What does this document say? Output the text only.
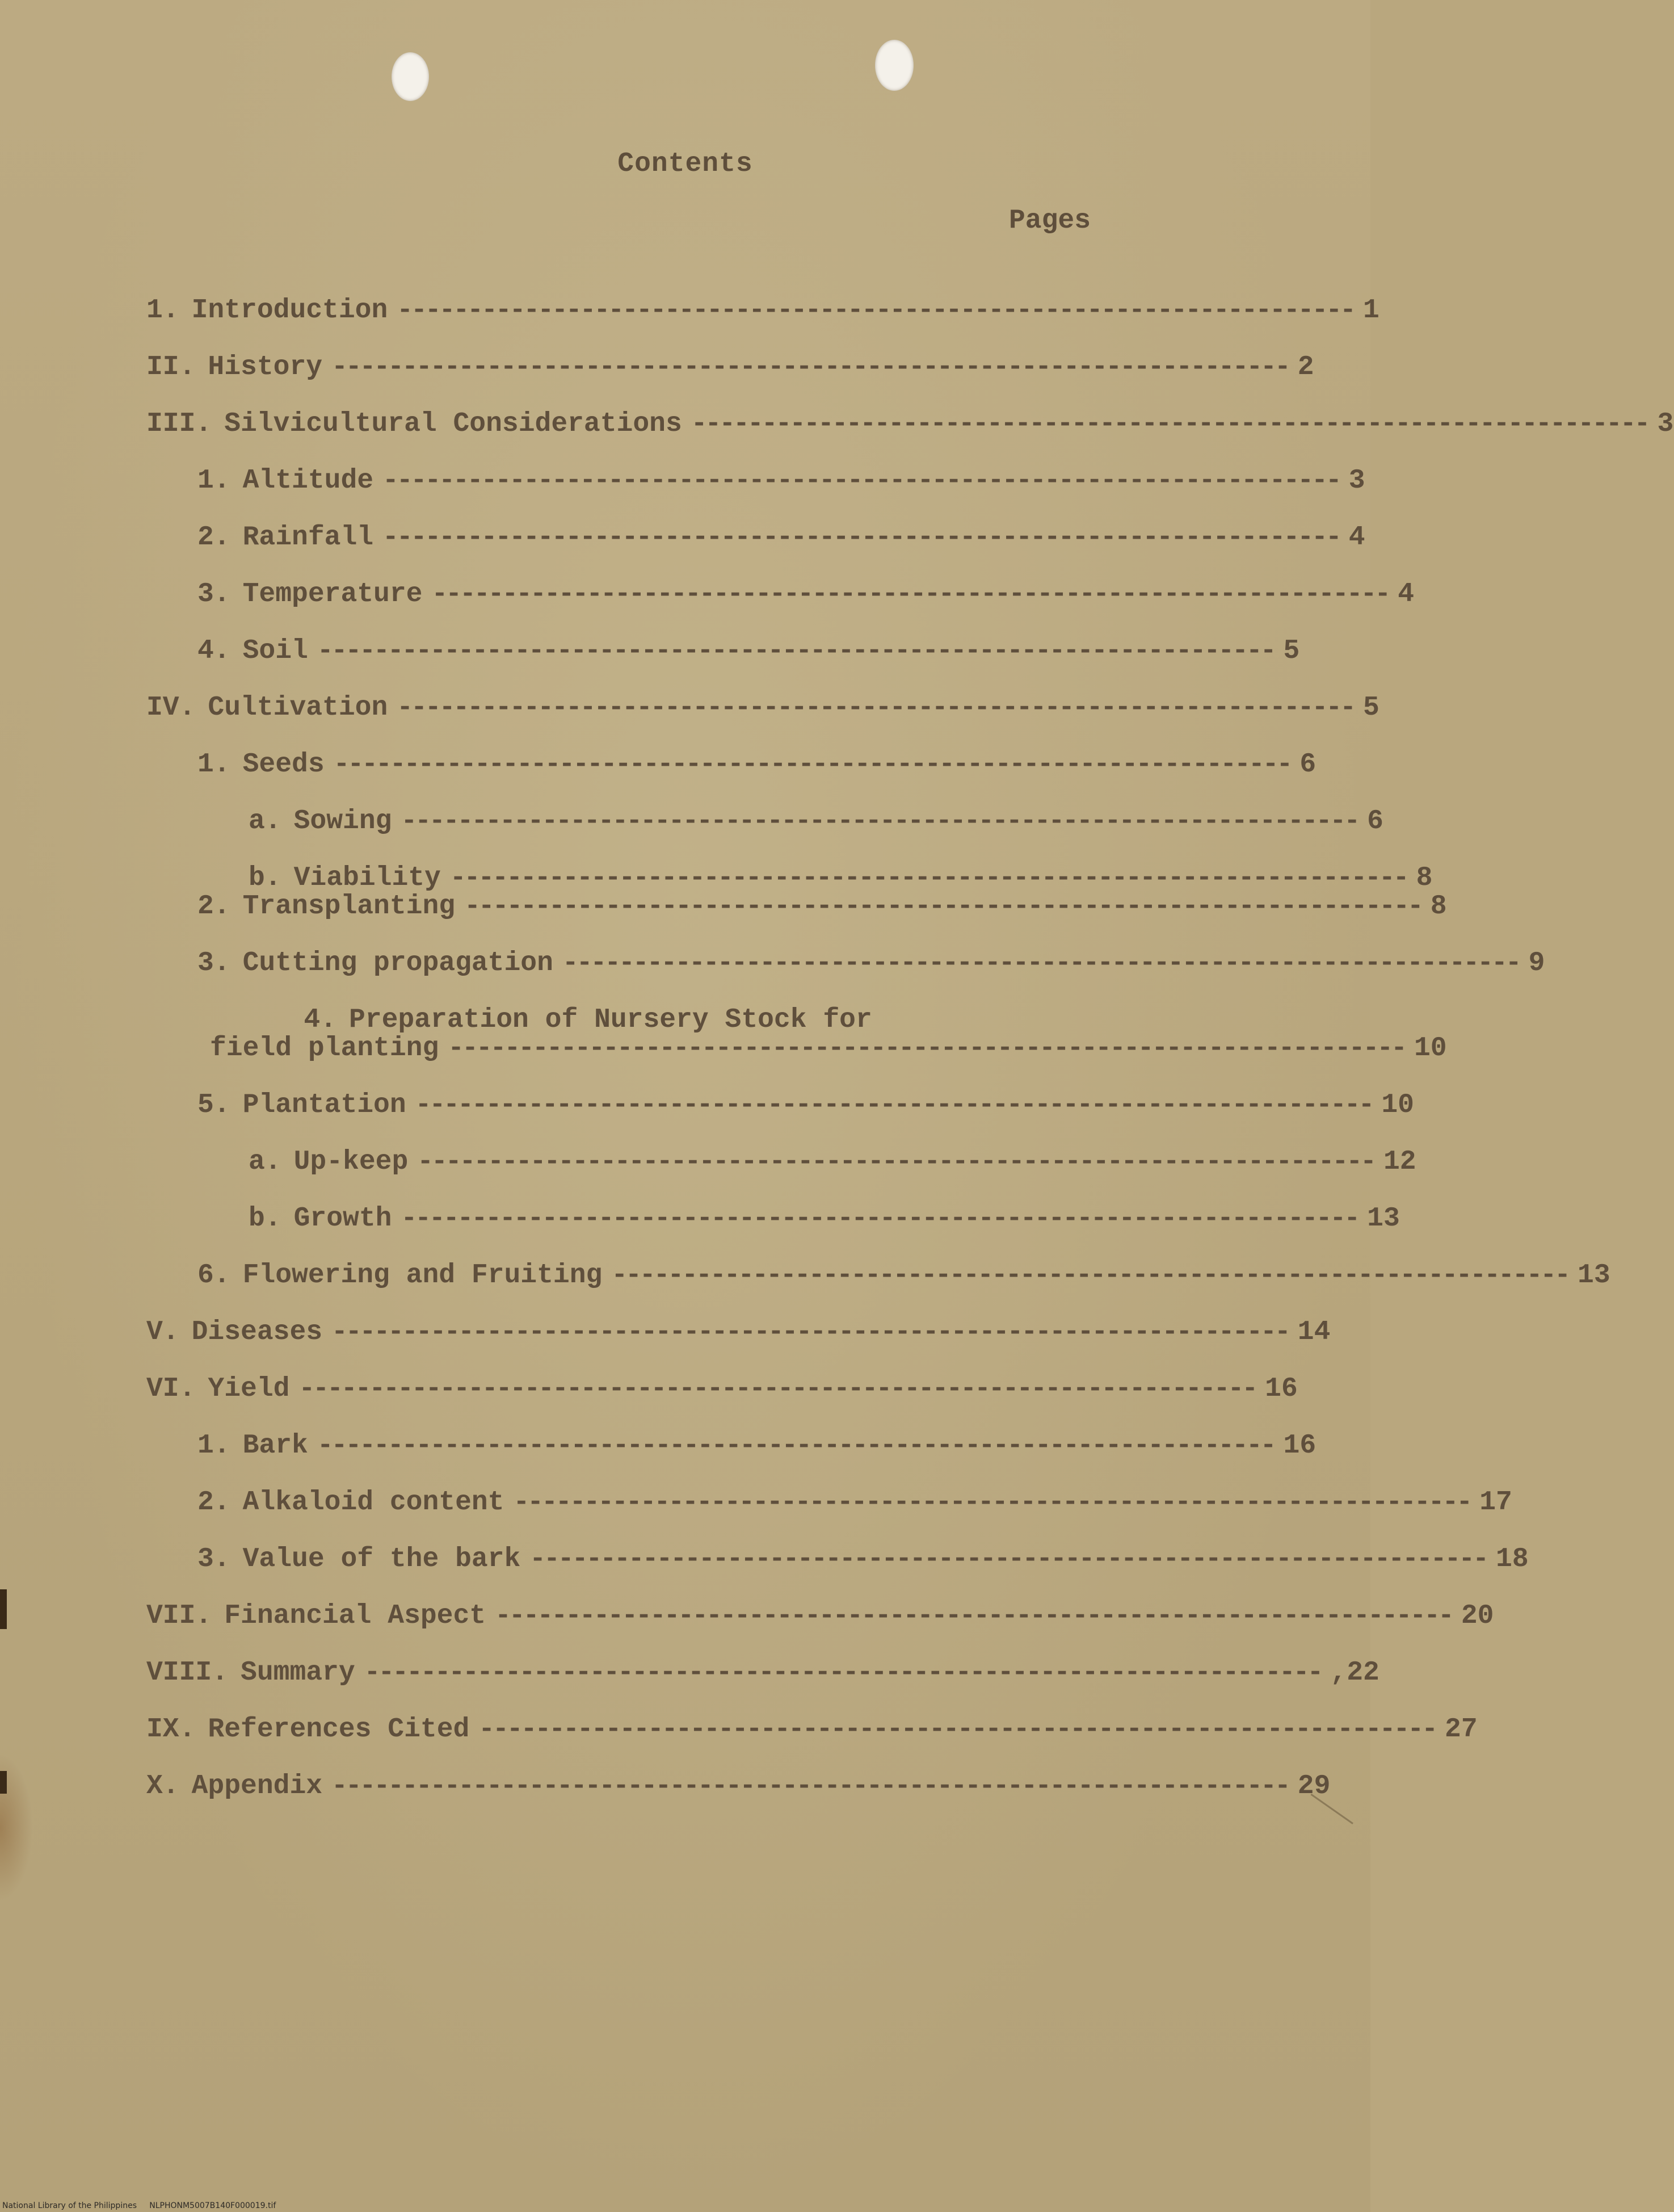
Contents
Pages
1. Introduction -------------------------------------------------------------------- 1
II. History -------------------------------------------------------------------- 2
III. Silvicultural Considerations -------------------------------------------------------------------- 3
1. Altitude -------------------------------------------------------------------- 3
2. Rainfall -------------------------------------------------------------------- 4
3. Temperature -------------------------------------------------------------------- 4
4. Soil -------------------------------------------------------------------- 5
IV. Cultivation -------------------------------------------------------------------- 5
1. Seeds -------------------------------------------------------------------- 6
a. Sowing -------------------------------------------------------------------- 6
b. Viability -------------------------------------------------------------------- 8
2. Transplanting -------------------------------------------------------------------- 8
3. Cutting propagation -------------------------------------------------------------------- 9
4. Preparation of Nursery Stock for
field planting -------------------------------------------------------------------- 10
5. Plantation -------------------------------------------------------------------- 10
a. Up-keep -------------------------------------------------------------------- 12
b. Growth -------------------------------------------------------------------- 13
6. Flowering and Fruiting -------------------------------------------------------------------- 13
V. Diseases -------------------------------------------------------------------- 14
VI. Yield -------------------------------------------------------------------- 16
1. Bark -------------------------------------------------------------------- 16
2. Alkaloid content -------------------------------------------------------------------- 17
3. Value of the bark -------------------------------------------------------------------- 18
VII. Financial Aspect -------------------------------------------------------------------- 20
VIII. Summary -------------------------------------------------------------------- ,22
IX. References Cited -------------------------------------------------------------------- 27
X. Appendix -------------------------------------------------------------------- 29
National Library of the Philippines     NLPHONM5007B140F000019.tif
